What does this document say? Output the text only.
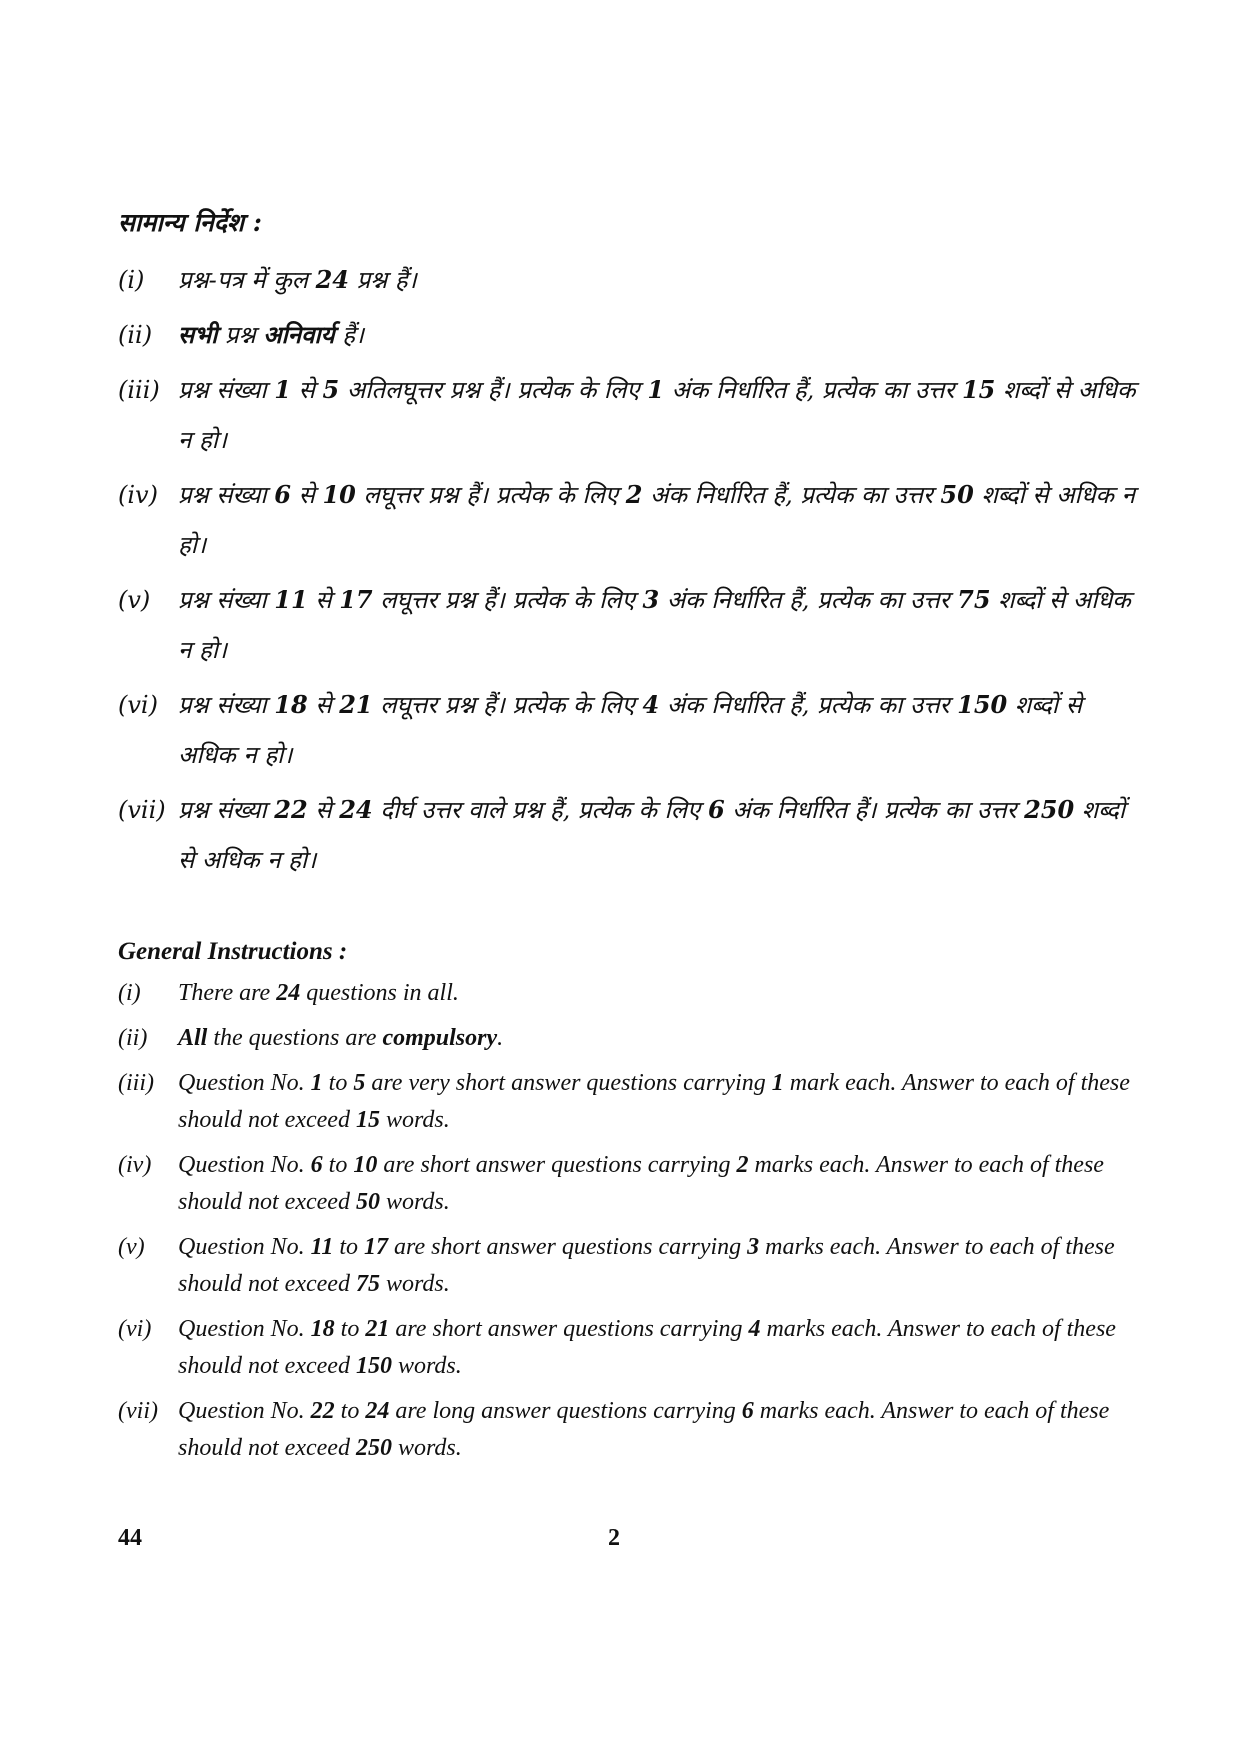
सामान्य निर्देश :
(i) प्रश्न-पत्र में कुल 24 प्रश्न हैं।
(ii) सभी प्रश्न अनिवार्य हैं।
(iii) प्रश्न संख्या 1 से 5 अतिलघूत्तर प्रश्न हैं। प्रत्येक के लिए 1 अंक निर्धारित हैं, प्रत्येक का उत्तर 15 शब्दों से अधिक न हो।
(iv) प्रश्न संख्या 6 से 10 लघूत्तर प्रश्न हैं। प्रत्येक के लिए 2 अंक निर्धारित हैं, प्रत्येक का उत्तर 50 शब्दों से अधिक न हो।
(v) प्रश्न संख्या 11 से 17 लघूत्तर प्रश्न हैं। प्रत्येक के लिए 3 अंक निर्धारित हैं, प्रत्येक का उत्तर 75 शब्दों से अधिक न हो।
(vi) प्रश्न संख्या 18 से 21 लघूत्तर प्रश्न हैं। प्रत्येक के लिए 4 अंक निर्धारित हैं, प्रत्येक का उत्तर 150 शब्दों से अधिक न हो।
(vii) प्रश्न संख्या 22 से 24 दीर्घ उत्तर वाले प्रश्न हैं, प्रत्येक के लिए 6 अंक निर्धारित हैं। प्रत्येक का उत्तर 250 शब्दों से अधिक न हो।
General Instructions :
(i) There are 24 questions in all.
(ii) All the questions are compulsory.
(iii) Question No. 1 to 5 are very short answer questions carrying 1 mark each. Answer to each of these should not exceed 15 words.
(iv) Question No. 6 to 10 are short answer questions carrying 2 marks each. Answer to each of these should not exceed 50 words.
(v) Question No. 11 to 17 are short answer questions carrying 3 marks each. Answer to each of these should not exceed 75 words.
(vi) Question No. 18 to 21 are short answer questions carrying 4 marks each. Answer to each of these should not exceed 150 words.
(vii) Question No. 22 to 24 are long answer questions carrying 6 marks each. Answer to each of these should not exceed 250 words.
44	2
